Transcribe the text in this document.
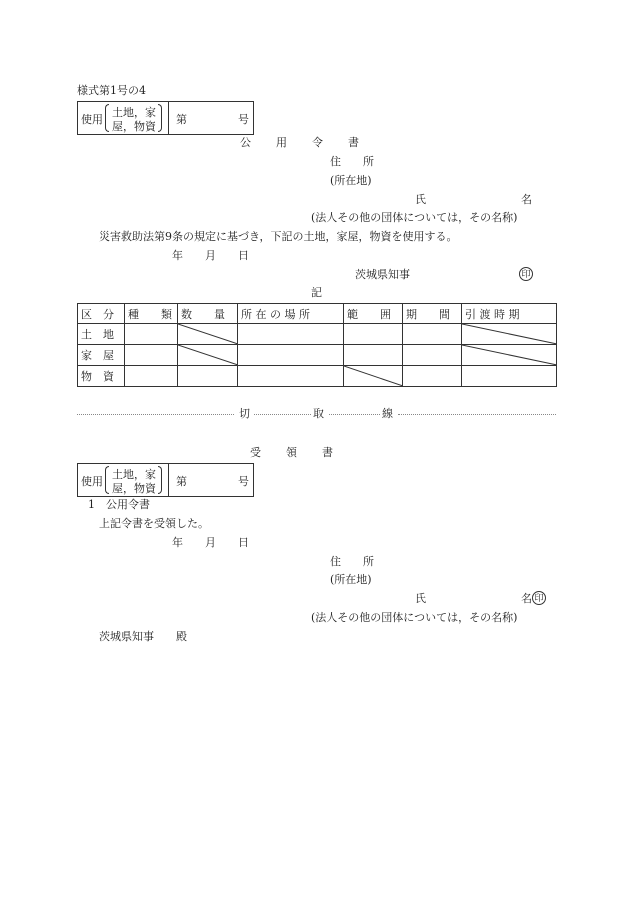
様式第1号の4
使用
土地，家
屋，物資
第	号
公　　用　　令　　書
住　　所
(所在地)
氏	名
(法人その他の団体については，その名称)
災害救助法第9条の規定に基づき，下記の土地，家屋，物資を使用する。
年　　月　　日
茨城県知事	印
記
区　分	種　　類	数　　量	所 在 の 場 所	範　　囲	期　　間	引 渡 時 期
土　地		

家　屋		

物　資				

切	取	線
受　　領　　書
使用
土地，家
屋，物資
第	号
1　公用令書
上記令書を受領した。
年　　月　　日
住　　所
(所在地)
氏	名 印
(法人その他の団体については，その名称)
茨城県知事　　殿
